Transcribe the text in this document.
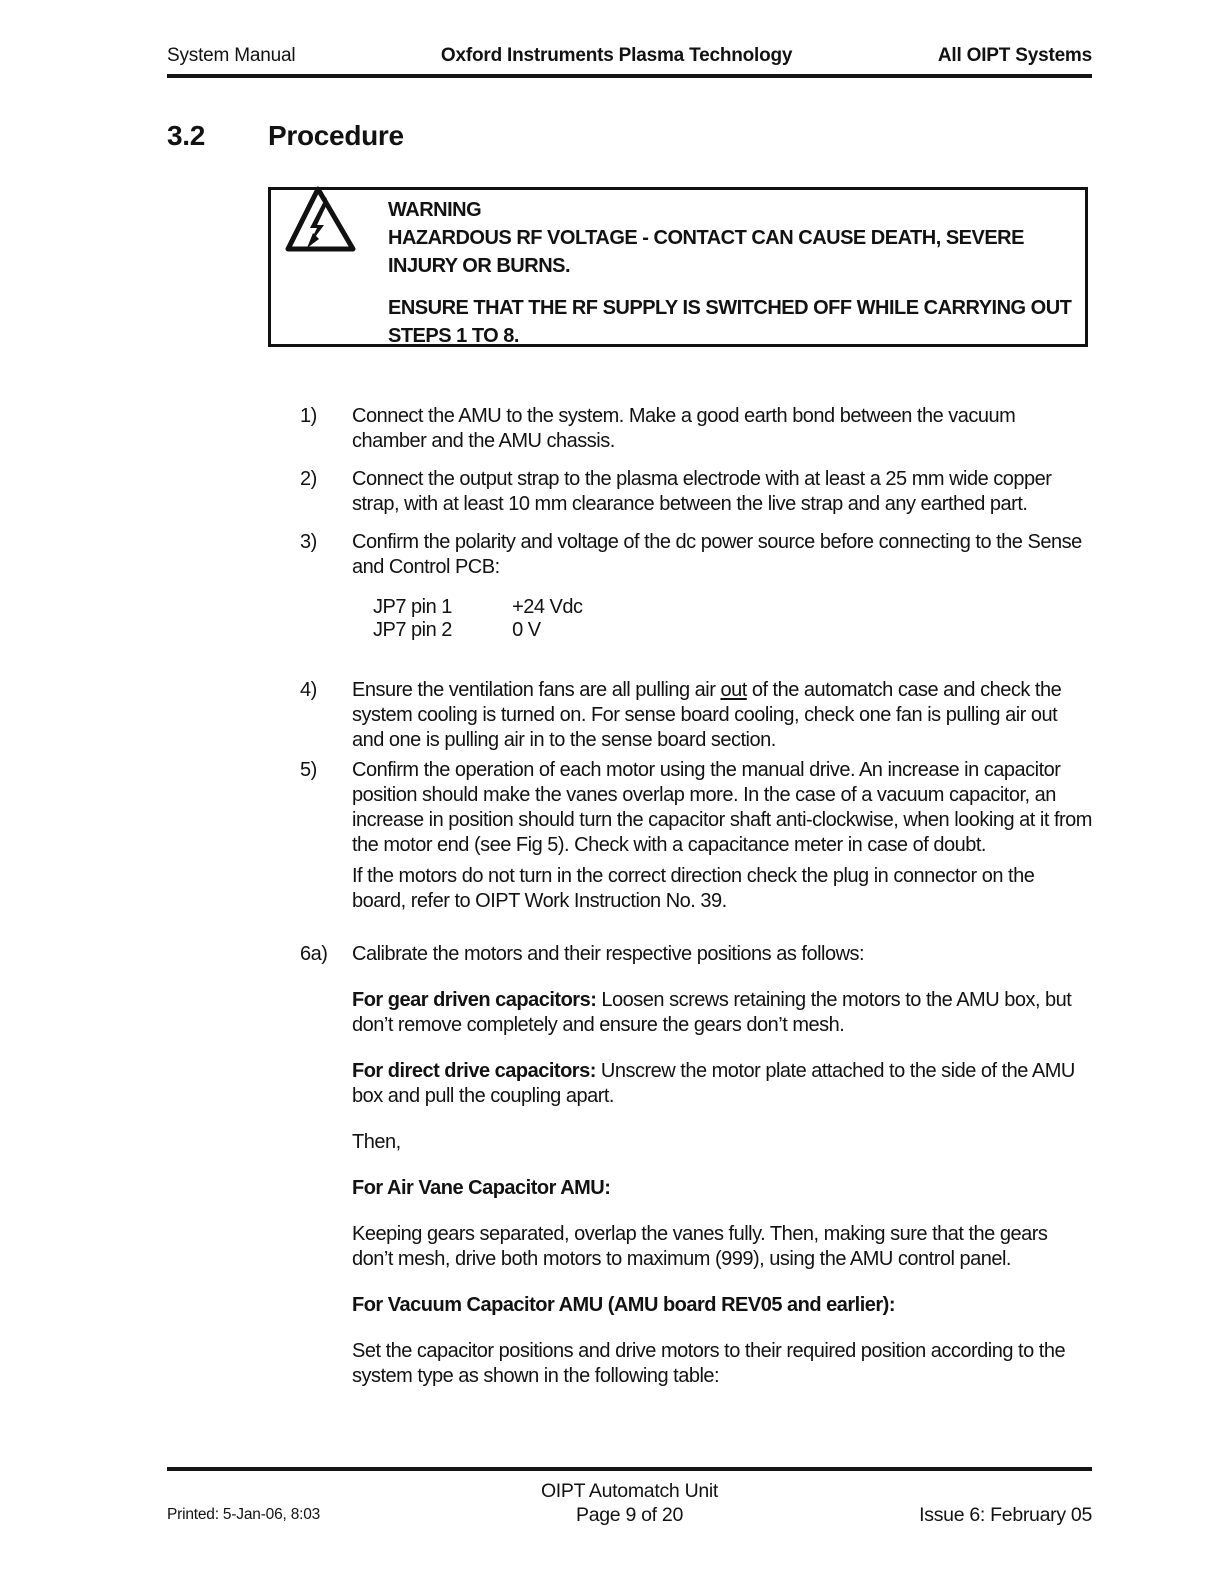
System Manual	Oxford Instruments Plasma Technology	All OIPT Systems
3.2	Procedure
WARNING
HAZARDOUS RF VOLTAGE - CONTACT CAN CAUSE DEATH, SEVERE INJURY OR BURNS.
ENSURE THAT THE RF SUPPLY IS SWITCHED OFF WHILE CARRYING OUT STEPS 1 TO 8.
1)	Connect the AMU to the system. Make a good earth bond between the vacuum chamber and the AMU chassis.
2)	Connect the output strap to the plasma electrode with at least a 25 mm wide copper strap, with at least 10 mm clearance between the live strap and any earthed part.
3)	Confirm the polarity and voltage of the dc power source before connecting to the Sense and Control PCB:
JP7 pin 1	+24 Vdc
JP7 pin 2	0 V
4)	Ensure the ventilation fans are all pulling air out of the automatch case and check the system cooling is turned on. For sense board cooling, check one fan is pulling air out and one is pulling air in to the sense board section.
5)	Confirm the operation of each motor using the manual drive. An increase in capacitor position should make the vanes overlap more. In the case of a vacuum capacitor, an increase in position should turn the capacitor shaft anti-clockwise, when looking at it from the motor end (see Fig 5). Check with a capacitance meter in case of doubt.
If the motors do not turn in the correct direction check the plug in connector on the board, refer to OIPT Work Instruction No. 39.
6a)	Calibrate the motors and their respective positions as follows:
For gear driven capacitors: Loosen screws retaining the motors to the AMU box, but don’t remove completely and ensure the gears don’t mesh.
For direct drive capacitors: Unscrew the motor plate attached to the side of the AMU box and pull the coupling apart.
Then,
For Air Vane Capacitor AMU:
Keeping gears separated, overlap the vanes fully. Then, making sure that the gears don’t mesh, drive both motors to maximum (999), using the AMU control panel.
For Vacuum Capacitor AMU (AMU board REV05 and earlier):
Set the capacitor positions and drive motors to their required position according to the system type as shown in the following table:
Printed: 5-Jan-06, 8:03
OIPT Automatch Unit
Page 9 of 20	Issue 6: February 05
